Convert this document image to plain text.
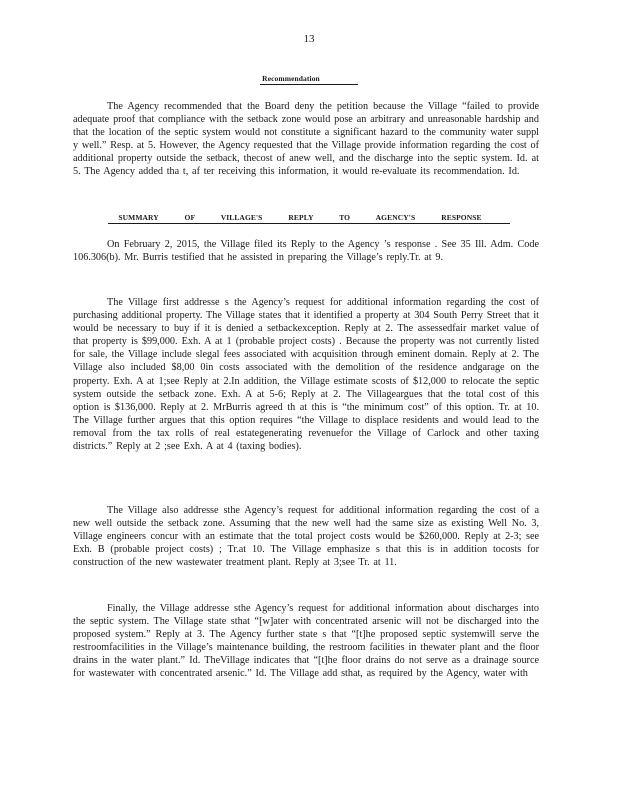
13
Recommendation

The Agency recommended that the Board deny the petition because the Village “failed to provide adequate proof that compliance with the setback zone would pose an arbitrary and unreasonable hardship and that the location of the septic system would not constitute a significant hazard to the community water suppl y well.” Resp. at 5. However, the Agency requested that the Village provide information regarding the cost of additional property outside the setback, thecost of anew well, and the discharge into the septic system. Id. at 5. The Agency added tha t, af ter receiving this information, it would re-evaluate its recommendation. Id.

SUMMARY OF VILLAGE'S REPLY TO AGENCY'S RESPONSE

On February 2, 2015, the Village filed its Reply to the Agency ’s response . See 35 Ill. Adm. Code 106.306(b). Mr. Burris testified that he assisted in preparing the Village’s reply.Tr. at 9.

The Village first addresse s the Agency’s request for additional information regarding the cost of purchasing additional property. The Village states that it identified a property at 304 South Perry Street that it would be necessary to buy if it is denied a setbackexception. Reply at 2. The assessedfair market value of that property is $99,000. Exh. A at 1 (probable project costs) . Because the property was not currently listed for sale, the Village include slegal fees associated with acquisition through eminent domain. Reply at 2. The Village also included $8,00 0in costs associated with the demolition of the residence andgarage on the property. Exh. A at 1;see Reply at 2.In addition, the Village estimate scosts of $12,000 to relocate the septic system outside the setback zone. Exh. A at 5-6; Reply at 2. The Villageargues that the total cost of this option is $136,000. Reply at 2. MrBurris agreed th at this is “the minimum cost” of this option. Tr. at 10. The Village further argues that this option requires “the Village to displace residents and would lead to the removal from the tax rolls of real estategenerating revenuefor the Village of Carlock and other taxing districts.” Reply at 2 ;see Exh. A at 4 (taxing bodies).

The Village also addresse sthe Agency’s request for additional information regarding the cost of a new well outside the setback zone. Assuming that the new well had the same size as existing Well No. 3, Village engineers concur with an estimate that the total project costs would be $260,000. Reply at 2-3; see Exh. B (probable project costs) ; Tr.at 10. The Village emphasize s that this is in addition tocosts for construction of the new wastewater treatment plant. Reply at 3;see Tr. at 11.

Finally, the Village addresse sthe Agency’s request for additional information about discharges into the septic system. The Village state sthat “[w]ater with concentrated arsenic will not be discharged into the proposed system.” Reply at 3. The Agency further state s that “[t]he proposed septic systemwill serve the restroomfacilities in the Village’s maintenance building, the restroom facilities in thewater plant and the floor drains in the water plant.” Id. TheVillage indicates that “[t]he floor drains do not serve as a drainage source for wastewater with concentrated arsenic.” Id. The Village add sthat, as required by the Agency, water with
